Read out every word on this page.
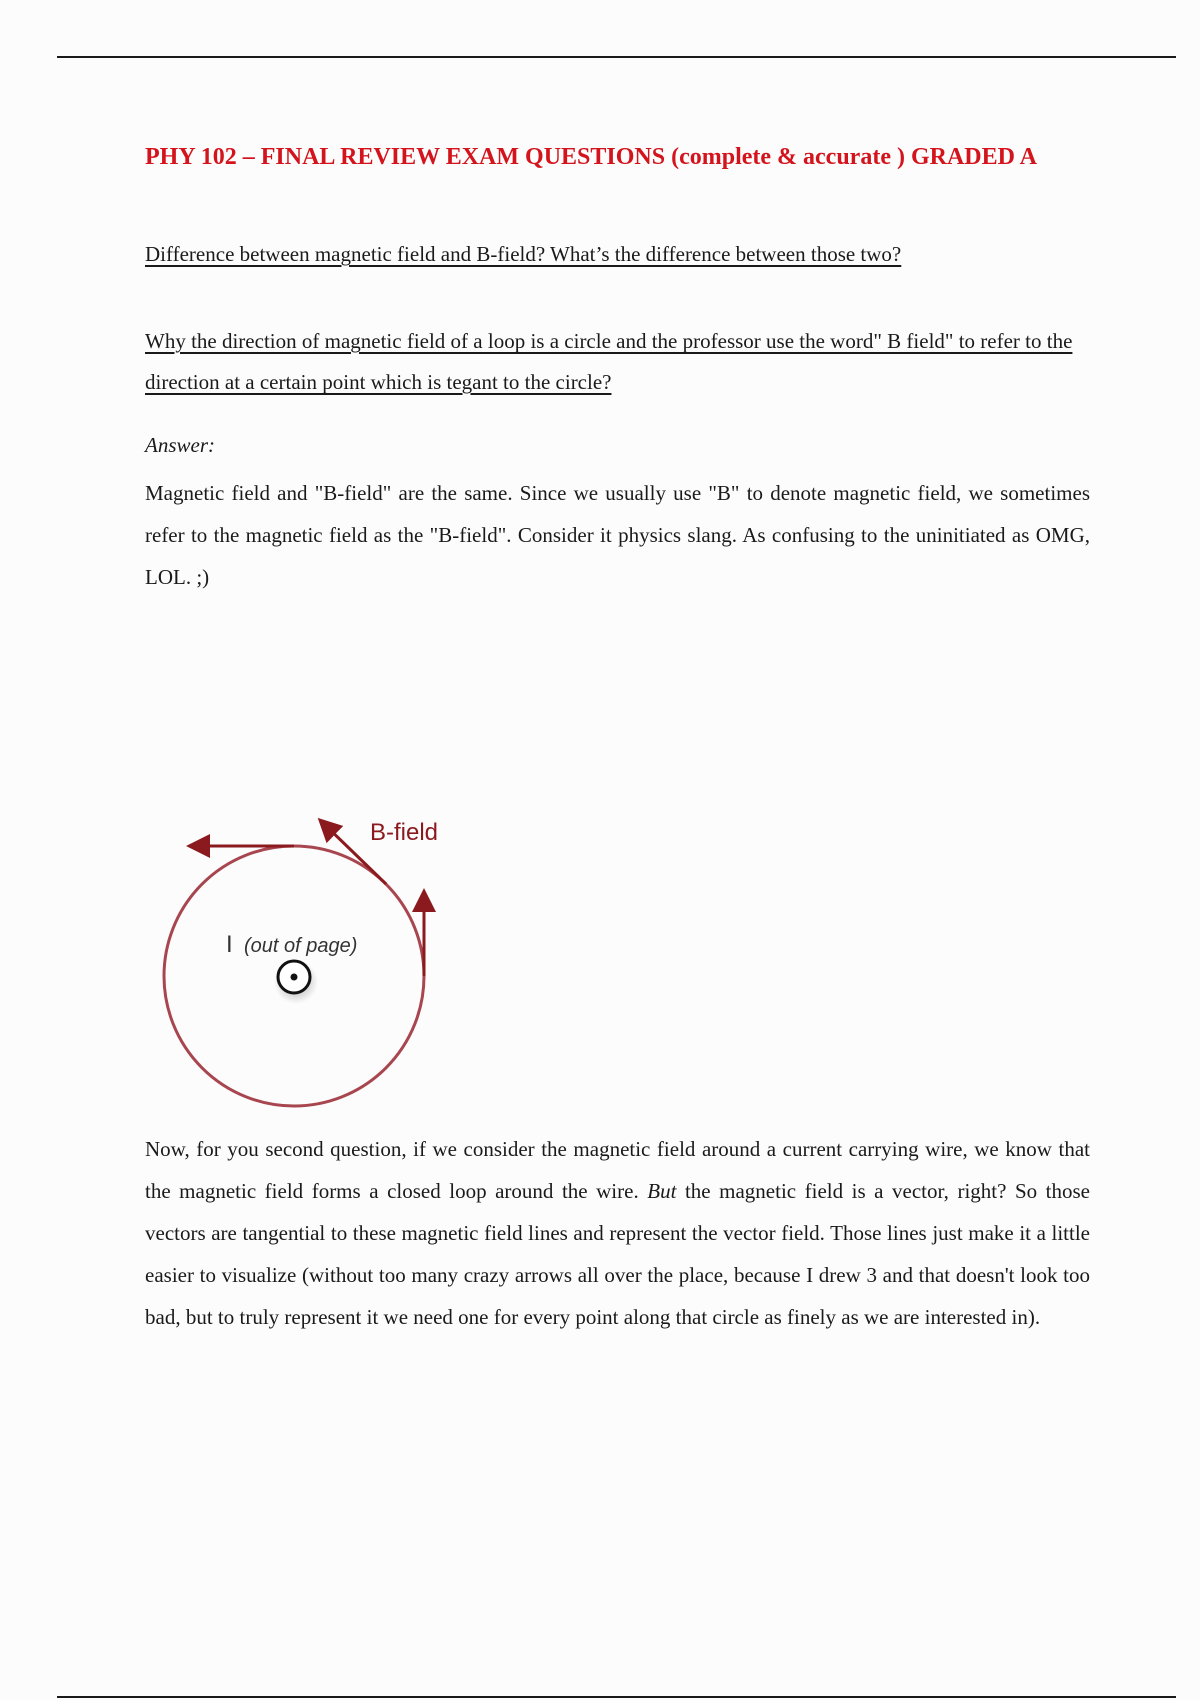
PHY 102 – FINAL REVIEW EXAM QUESTIONS (complete & accurate ) GRADED A

Difference between magnetic field and B-field? What’s the difference between those two?

Why the direction of magnetic field of a loop is a circle and the professor use the word" B field" to refer to the direction at a certain point which is tegant to the circle?

Answer:

Magnetic field and "B-field" are the same. Since we usually use "B" to denote magnetic field, we sometimes refer to the magnetic field as the "B-field". Consider it physics slang. As confusing to the uninitiated as OMG, LOL. ;)

B-field
I (out of page)

Now, for you second question, if we consider the magnetic field around a current carrying wire, we know that the magnetic field forms a closed loop around the wire. But the magnetic field is a vector, right? So those vectors are tangential to these magnetic field lines and represent the vector field. Those lines just make it a little easier to visualize (without too many crazy arrows all over the place, because I drew 3 and that doesn't look too bad, but to truly represent it we need one for every point along that circle as finely as we are interested in).
